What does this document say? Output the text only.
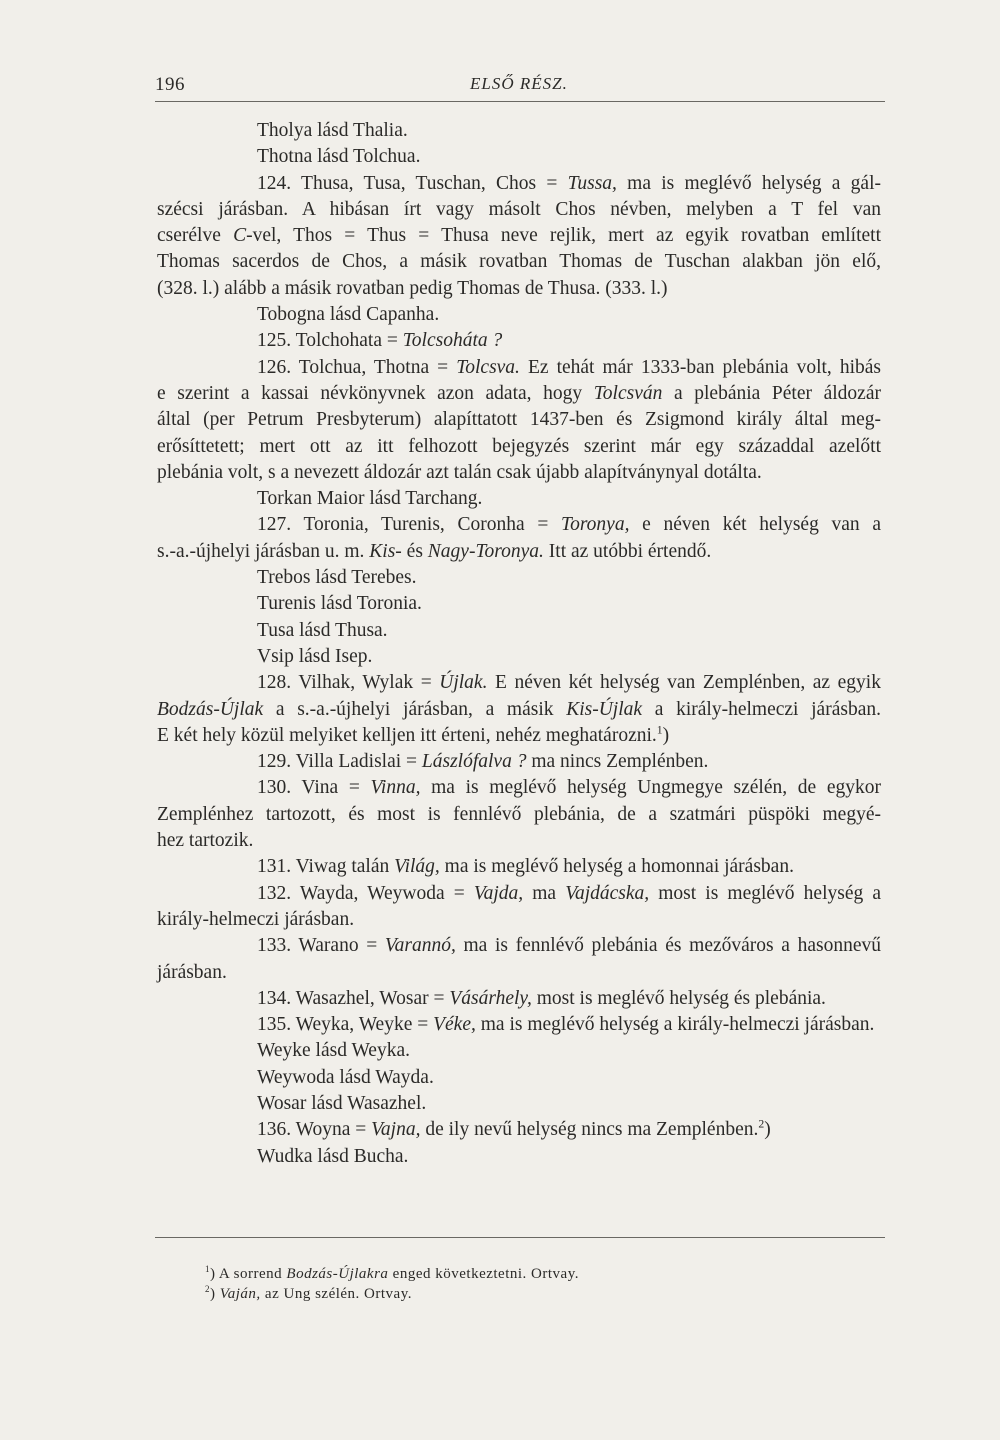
196	ELSŐ RÉSZ.
Tholya lásd Thalia.
Thotna lásd Tolchua.
124. Thusa, Tusa, Tuschan, Chos = Tussa, ma is meglévő helység a gál-
szécsi járásban. A hibásan írt vagy másolt Chos névben, melyben a T fel van
cserélve C-vel, Thos = Thus = Thusa neve rejlik, mert az egyik rovatban említett
Thomas sacerdos de Chos, a másik rovatban Thomas de Tuschan alakban jön elő,
(328. l.) alább a másik rovatban pedig Thomas de Thusa. (333. l.)
Tobogna lásd Capanha.
125. Tolchohata = Tolcsoháta ?
126. Tolchua, Thotna = Tolcsva. Ez tehát már 1333-ban plebánia volt, hibás
e szerint a kassai névkönyvnek azon adata, hogy Tolcsván a plebánia Péter áldozár
által (per Petrum Presbyterum) alapíttatott 1437-ben és Zsigmond király által meg-
erősíttetett; mert ott az itt felhozott bejegyzés szerint már egy századdal azelőtt
plebánia volt, s a nevezett áldozár azt talán csak újabb alapítványnyal dotálta.
Torkan Maior lásd Tarchang.
127. Toronia, Turenis, Coronha = Toronya, e néven két helység van a
s.-a.-újhelyi járásban u. m. Kis- és Nagy-Toronya. Itt az utóbbi értendő.
Trebos lásd Terebes.
Turenis lásd Toronia.
Tusa lásd Thusa.
Vsip lásd Isep.
128. Vilhak, Wylak = Újlak. E néven két helység van Zemplénben, az egyik
Bodzás-Újlak a s.-a.-újhelyi járásban, a másik Kis-Újlak a király-helmeczi járásban.
E két hely közül melyiket kelljen itt érteni, nehéz meghatározni.$^1$)
129. Villa Ladislai = Lászlófalva ? ma nincs Zemplénben.
130. Vina = Vinna, ma is meglévő helység Ungmegye szélén, de egykor
Zemplénhez tartozott, és most is fennlévő plebánia, de a szatmári püspöki megyé-
hez tartozik.
131. Viwag talán Világ, ma is meglévő helység a homonnai járásban.
132. Wayda, Weywoda = Vajda, ma Vajdácska, most is meglévő helység a
király-helmeczi járásban.
133. Warano = Varannó, ma is fennlévő plebánia és mezőváros a hasonnevű
járásban.
134. Wasazhel, Wosar = Vásárhely, most is meglévő helység és plebánia.
135. Weyka, Weyke = Véke, ma is meglévő helység a király-helmeczi járásban.
Weyke lásd Weyka.
Weywoda lásd Wayda.
Wosar lásd Wasazhel.
136. Woyna = Vajna, de ily nevű helység nincs ma Zemplénben.$^2$)
Wudka lásd Bucha.
$^1$) A sorrend Bodzás-Újlakra enged következtetni. Ortvay.
$^2$) Vaján, az Ung szélén. Ortvay.
